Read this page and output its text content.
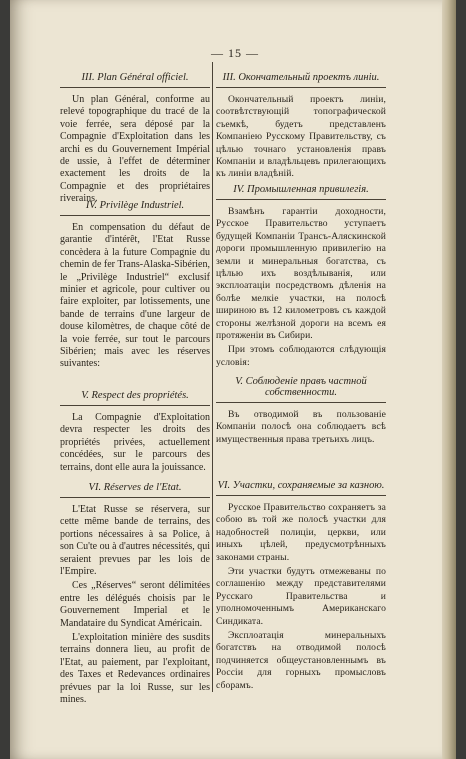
— 15 —
III. Plan Général officiel.

Un plan Général, conforme au relevé topographique du tracé de la voie ferrée, sera déposé par la Compagnie d'Exploitation dans les archi es du Gouvernement Impérial de ussie, à l'effet de déterminer exactement les droits de la Compagnie et des propriétaires riverains.

IV. Privilège Industriel.

En compensation du défaut de garantie d'intérêt, l'Etat Russe concèdera à la future Compagnie du chemin de fer Trans-Alaska-Sibérien, le „Privilège Industriel“ exclusif minier et agricole, pour cultiver ou faire exploiter, par lotissements, une bande de terrains d'une largeur de douse kilomètres, de chaque côté de la voie ferrée, sur tout le parcours Sibérien; mais avec les réserves suivantes:

V. Respect des propriétés.

La Compagnie d'Exploitation devra respecter les droits des propriétés privées, actuellement concédées, sur le parcours des terrains, dont elle aura la jouissance.

VI. Réserves de l'Etat.

L'Etat Russe se réservera, sur cette même bande de terrains, des portions nécessaires à sa Police, à son Cu'te ou à d'autres nécessités, qui seraient prevues par les lois de l'Empire.

Ces „Réserves“ seront délimitées entre les délégués choisis par le Gouvernement Imperial et le Mandataire du Syndicat Américain.

L'exploitation minière des susdits terrains donnera lieu, au profit de l'Etat, au paiement, par l'exploitant, des Taxes et Redevances ordinaires prévues par la loi Russe, sur les mines.

III. Окончательный проектъ линіи.

Окончательный проектъ линіи, соотвѣтствующій топографической съемкѣ, будетъ представленъ Компанiею Русскому Правительству, съ цѣлью точнаго установленія правъ Компаніи и владѣльцевъ прилегающихъ къ линіи владѣній.

IV. Промышленная привилегія.

Взамѣнъ гарантіи доходности, Русское Правительство уступаетъ будущей Компаніи Трансъ-Аляскинской дороги промышленную привилегію на земли и минеральныя богатства, съ цѣлью ихъ воздѣлыванія, или эксплоатаціи посредствомъ дѣленія на болѣе мелкіе участки, на полосѣ шириною въ 12 километровъ съ каждой стороны желѣзной дороги на всемъ ея протяженіи въ Сибири.

При этомъ соблюдаются слѣдующія условія:

V. Соблюденіе правъ частной собственности.

Въ отводимой въ пользованіе Компаніи полосѣ она соблюдаетъ всѣ имущественныя права третьихъ лицъ.

VI. Участки, сохраняемые за казною.

Русское Правительство сохраняетъ за собою въ той же полосѣ участки для надобностей полиціи, церкви, или иныхъ цѣлей, предусмотрѣнныхъ законами страны.

Эти участки будутъ отмежеваны по соглашенію между представителями Русскаго Правительства и уполномоченнымъ Американскаго Синдиката.

Эксплоатація минеральныхъ богатствъ на отводимой полосѣ подчиняется общеустановленнымъ въ Россіи для горныхъ промысловъ сборамъ.
